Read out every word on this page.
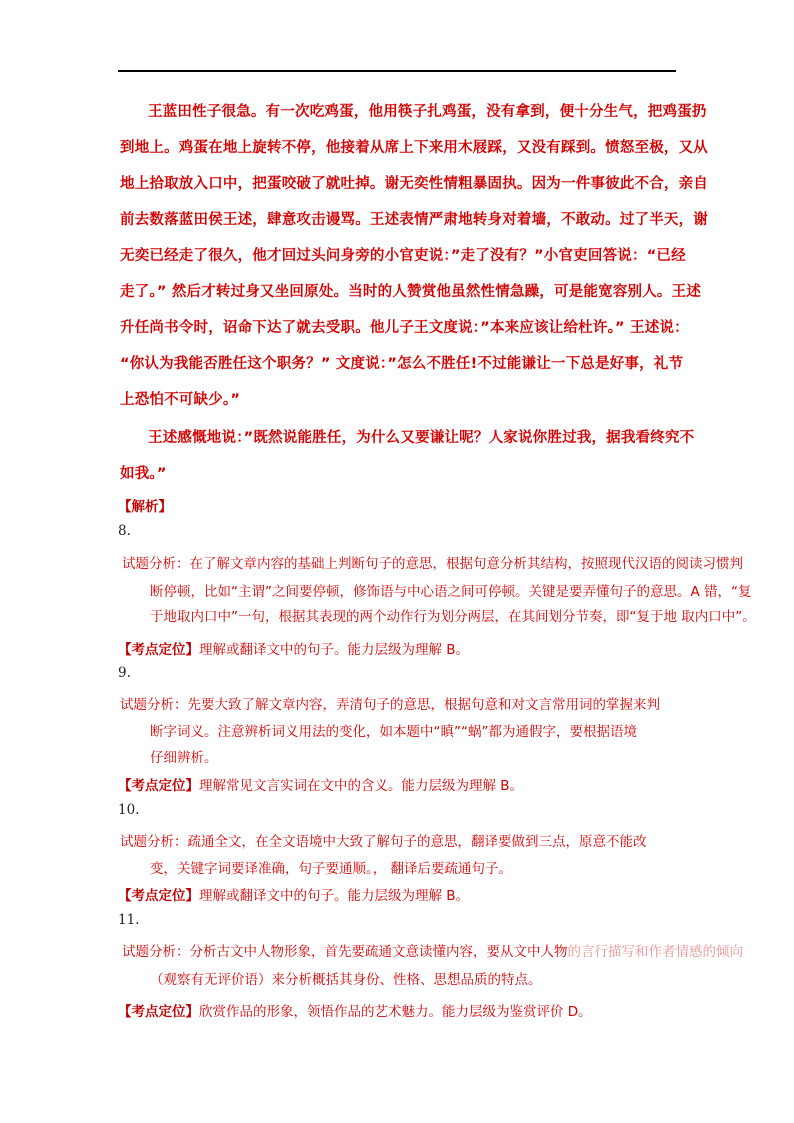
王蓝田性子很急。有一次吃鸡蛋，他用筷子扎鸡蛋，没有拿到，便十分生气，把鸡蛋扔
到地上。鸡蛋在地上旋转不停，他接着从席上下来用木屐踩，又没有踩到。愤怒至极，又从
地上拾取放入口中，把蛋咬破了就吐掉。谢无奕性情粗暴固执。因为一件事彼此不合，亲自
前去数落蓝田侯王述，肆意攻击谩骂。王述表情严肃地转身对着墙，不敢动。过了半天，谢
无奕已经走了很久，他才回过头问身旁的小官吏说：”走了没有？”小官吏回答说：“已经
走了。” 然后才转过身又坐回原处。当时的人赞赏他虽然性情急躁，可是能宽容别人。王述
升任尚书令时，诏命下达了就去受职。他儿子王文度说：”本来应该让给杜许。” 王述说：
“你认为我能否胜任这个职务？” 文度说：”怎么不胜任!不过能谦让一下总是好事，礼节
上恐怕不可缺少。”
王述感慨地说：”既然说能胜任，为什么又要谦让呢？人家说你胜过我，据我看终究不
如我。”
【解析】
8.
试题分析：在了解文章内容的基础上判断句子的意思，根据句意分析其结构，按照现代汉语的阅读习惯判
断停顿，比如“主谓”之间要停顿，修饰语与中心语之间可停顿。关键是要弄懂句子的意思。A 错，“复
于地取内口中”一句，根据其表现的两个动作行为划分两层，在其间划分节奏，即“复于地 取内口中”。
【考点定位】理解或翻译文中的句子。能力层级为理解 B。
9.
试题分析：先要大致了解文章内容，弄清句子的意思，根据句意和对文言常用词的掌握来判
断字词义。注意辨析词义用法的变化，如本题中“瞋”“蜗”都为通假字，要根据语境
仔细辨析。
【考点定位】理解常见文言实词在文中的含义。能力层级为理解 B。
10.
试题分析：疏通全文，在全文语境中大致了解句子的意思，翻译要做到三点，原意不能改
变，关键字词要译准确，句子要通顺。， 翻译后要疏通句子。
【考点定位】理解或翻译文中的句子。能力层级为理解 B。
11.
试题分析：分析古文中人物形象，首先要疏通文意读懂内容，要从文中人物的言行描写和作者情感的倾向
（观察有无评价语）来分析概括其身份、性格、思想品质的特点。
【考点定位】欣赏作品的形象，领悟作品的艺术魅力。能力层级为鉴赏评价 D。
